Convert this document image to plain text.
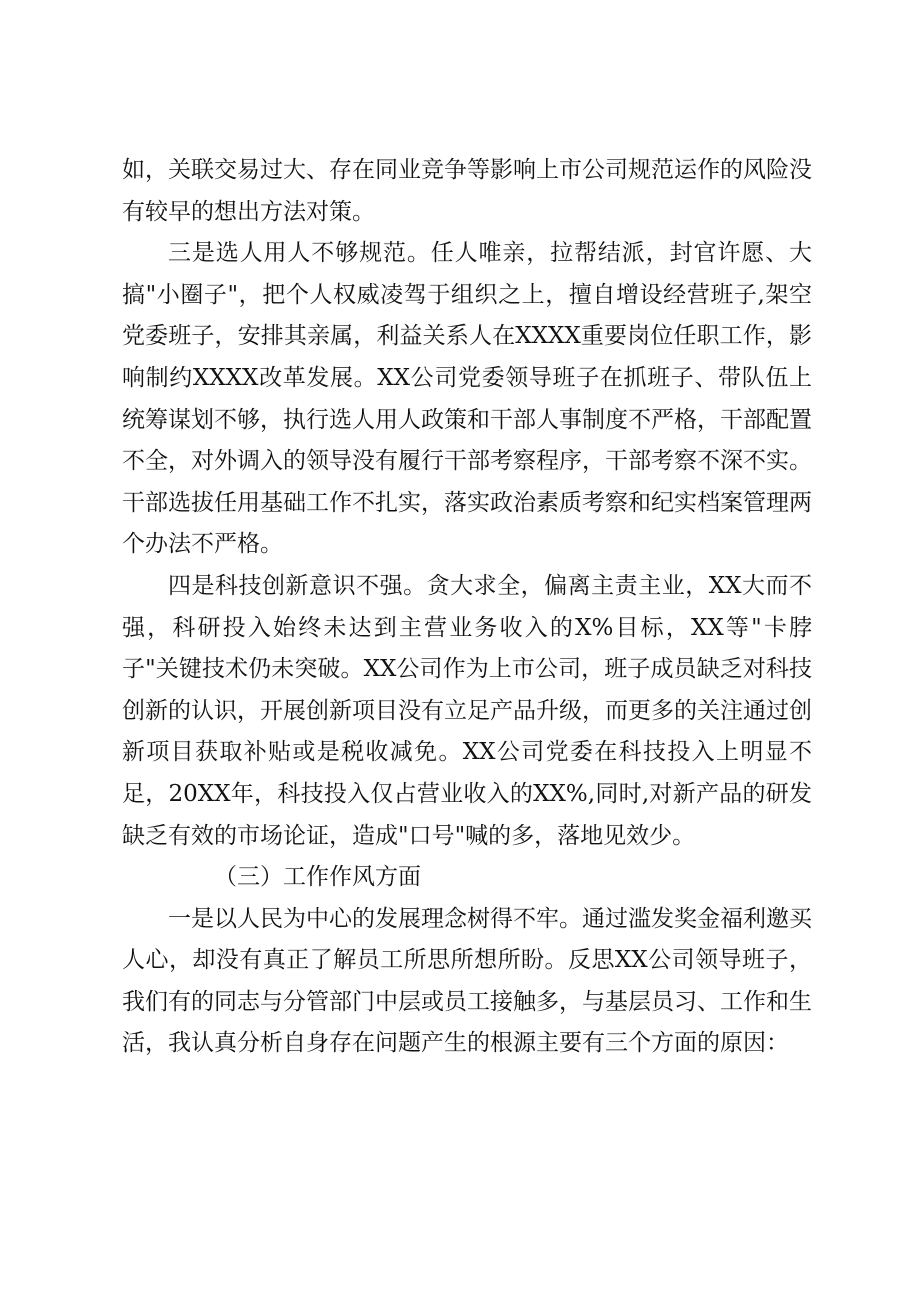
如，关联交易过大、存在同业竞争等影响上市公司规范运作的风险没有较早的想出方法对策。

三是选人用人不够规范。任人唯亲，拉帮结派，封官许愿、大搞"小圈子"，把个人权威凌驾于组织之上，擅自增设经营班子,架空党委班子，安排其亲属，利益关系人在XXXX重要岗位任职工作，影响制约XXXX改革发展。XX公司党委领导班子在抓班子、带队伍上统筹谋划不够，执行选人用人政策和干部人事制度不严格，干部配置不全，对外调入的领导没有履行干部考察程序，干部考察不深不实。干部选拔任用基础工作不扎实，落实政治素质考察和纪实档案管理两个办法不严格。

四是科技创新意识不强。贪大求全，偏离主责主业，XX大而不强，科研投入始终未达到主营业务收入的X%目标，XX等"卡脖子"关键技术仍未突破。XX公司作为上市公司，班子成员缺乏对科技创新的认识，开展创新项目没有立足产品升级，而更多的关注通过创新项目获取补贴或是税收减免。XX公司党委在科技投入上明显不足，20XX年，科技投入仅占营业收入的XX%,同时,对新产品的研发缺乏有效的市场论证，造成"口号"喊的多，落地见效少。

（三）工作作风方面

一是以人民为中心的发展理念树得不牢。通过滥发奖金福利邀买人心，却没有真正了解员工所思所想所盼。反思XX公司领导班子，我们有的同志与分管部门中层或员工接触多，与基层员习、工作和生活，我认真分析自身存在问题产生的根源主要有三个方面的原因：
